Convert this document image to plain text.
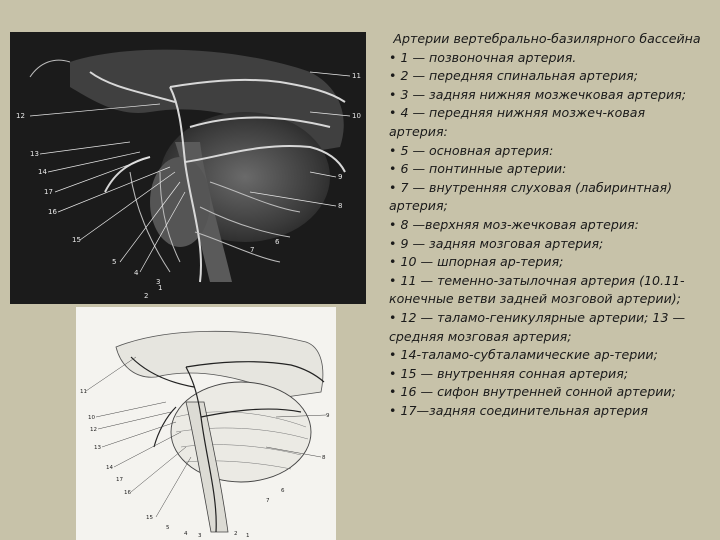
11
10
12
9
13
8
14
17
7
16
6
15
5
4
3
2
1
11
10
12
9
13
8
14
17
16
7
15
6
5
4 3	2 1

Артерии вертебрально-базилярного бассейна

• 1 — позвоночная артерия.
• 2 — передняя спинальная артерия;
• 3 — задняя нижняя мозжечковая артерия;
• 4 — передняя нижняя мозжеч-ковая артерия:
• 5 — основная артерия:
• 6 — понтинные артерии:
• 7 — внутренняя слуховая (лабиринтная) артерия;
• 8 —верхняя моз-жечковая артерия:
• 9 — задняя мозговая артерия;
• 10 — шпорная ар-терия;
• 11 — теменно-затылочная артерия (10.11- конечные ветви задней мозговой артерии);
• 12 — таламо-геникулярные артерии; 13 — средняя мозговая артерия;
• 14-таламо-субталамические ар-терии;
• 15 — внутренняя сонная артерия;
• 16 — сифон внутренней сонной артерии;
• 17—задняя соединительная артерия
